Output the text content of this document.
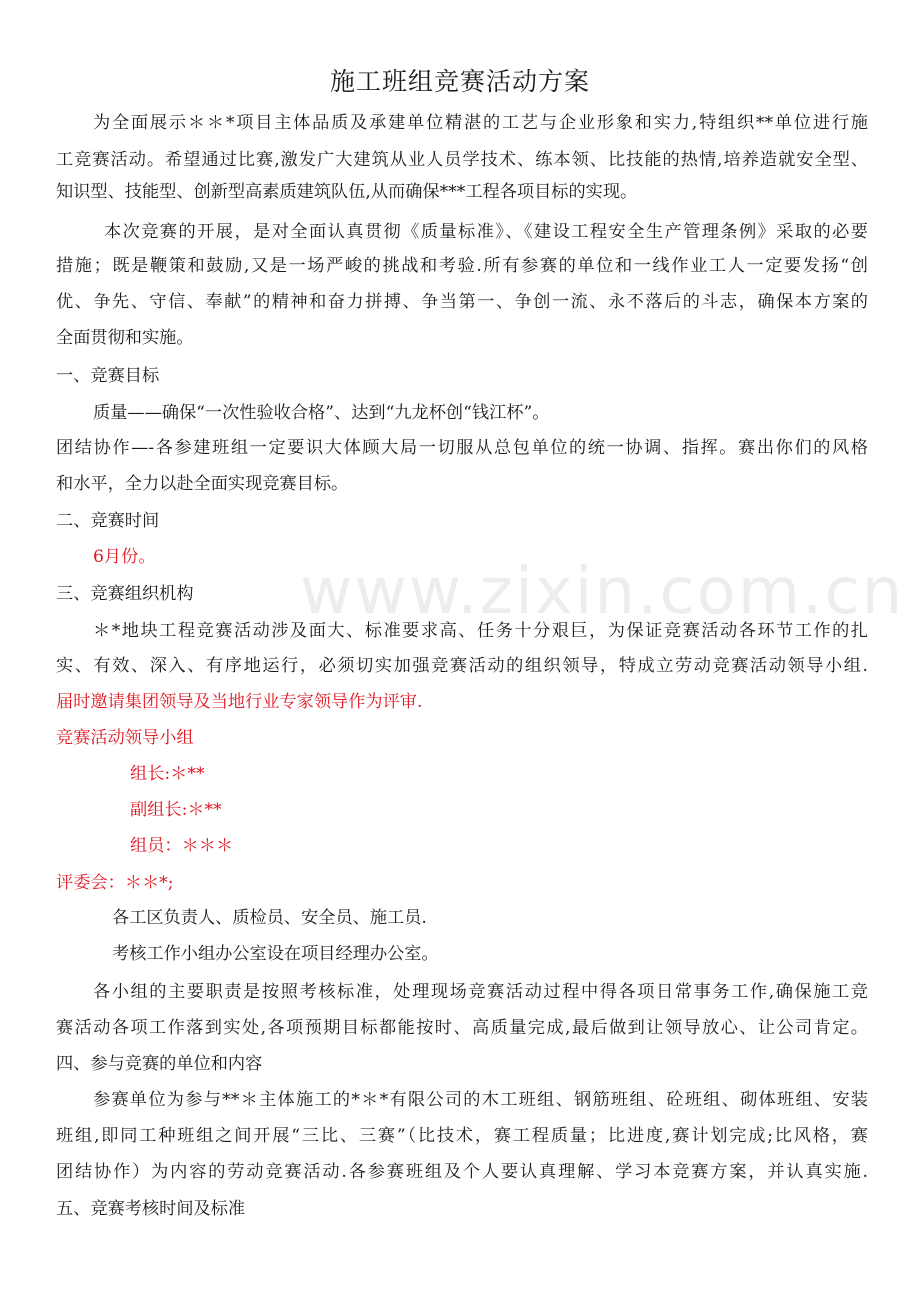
www.zixin.com.cn
施工班组竞赛活动方案
为全面展示＊＊*项目主体品质及承建单位精湛的工艺与企业形象和实力,特组织**单位进行施
工竞赛活动。希望通过比赛,激发广大建筑从业人员学技术、练本领、比技能的热情,培养造就安全型、
知识型、技能型、创新型高素质建筑队伍,从而确保***工程各项目标的实现。
本次竞赛的开展，是对全面认真贯彻《质量标准》、《建设工程安全生产管理条例》采取的必要
措施；既是鞭策和鼓励,又是一场严峻的挑战和考验.所有参赛的单位和一线作业工人一定要发扬“创
优、争先、守信、奉献”的精神和奋力拼搏、争当第一、争创一流、永不落后的斗志，确保本方案的
全面贯彻和实施。
一、竞赛目标
质量——确保“一次性验收合格”、达到“九龙杯创“钱江杯”。
团结协作—-各参建班组一定要识大体顾大局一切服从总包单位的统一协调、指挥。赛出你们的风格
和水平，全力以赴全面实现竞赛目标。
二、竞赛时间
6月份。
三、竞赛组织机构
＊*地块工程竞赛活动涉及面大、标准要求高、任务十分艰巨，为保证竞赛活动各环节工作的扎
实、有效、深入、有序地运行，必须切实加强竞赛活动的组织领导，特成立劳动竞赛活动领导小组.
届时邀请集团领导及当地行业专家领导作为评审.
竞赛活动领导小组
组长:＊**
副组长:＊**
组员：＊＊＊
评委会：＊＊*;
各工区负责人、质检员、安全员、施工员.
考核工作小组办公室设在项目经理办公室。
各小组的主要职责是按照考核标准，处理现场竞赛活动过程中得各项日常事务工作,确保施工竞
赛活动各项工作落到实处,各项预期目标都能按时、高质量完成,最后做到让领导放心、让公司肯定。
四、参与竞赛的单位和内容
参赛单位为参与**＊主体施工的*＊*有限公司的木工班组、钢筋班组、砼班组、砌体班组、安装
班组,即同工种班组之间开展“三比、三赛”（比技术，赛工程质量；比进度,赛计划完成;比风格，赛
团结协作）为内容的劳动竞赛活动.各参赛班组及个人要认真理解、学习本竞赛方案，并认真实施.
五、竞赛考核时间及标准
